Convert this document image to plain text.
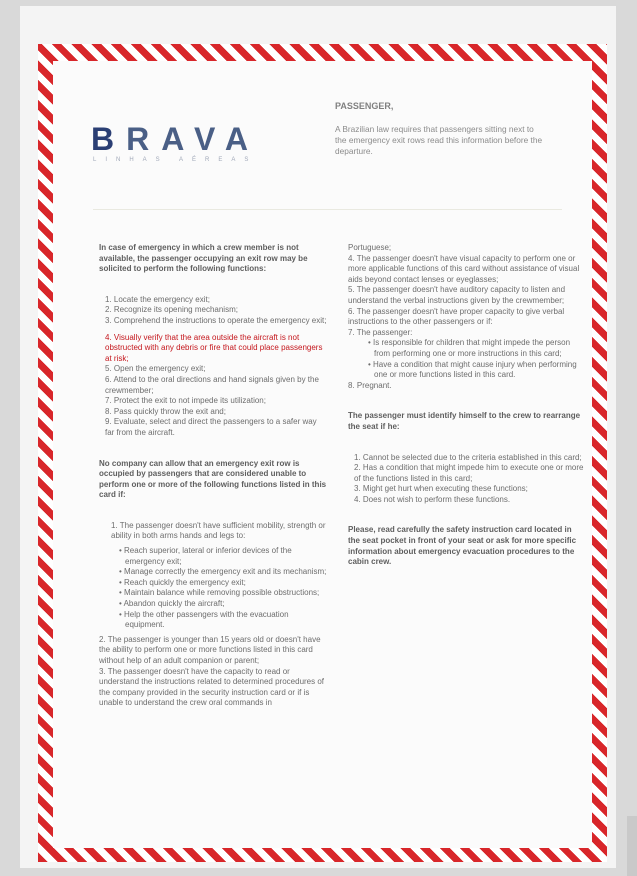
BRAVA
LINHAS AÉREAS
PASSENGER,

A Brazilian law requires that passengers sitting next to the emergency exit rows read this information before the departure.

In case of emergency in which a crew member is not available, the passenger occupying an exit row may be solicited to perform the following functions:

1. Locate the emergency exit;

2. Recognize its opening mechanism;

3. Comprehend the instructions to operate the emergency exit;

4. Visually verify that the area outside the aircraft is not obstructed with any debris or fire that could place passengers at risk;

5. Open the emergency exit;

6. Attend to the oral directions and hand signals given by the crewmember;

7. Protect the exit to not impede its utilization;

8. Pass quickly throw the exit and;

9. Evaluate, select and direct the passengers to a safer way far from the aircraft.

No company can allow that an emergency exit row is occupied by passengers that are considered unable to perform one or more of the following functions listed in this card if:

1. The passenger doesn't have sufficient mobility, strength or ability in both arms hands and legs to:

• Reach superior, lateral or inferior devices of the emergency exit;

• Manage correctly the emergency exit and its mechanism;

• Reach quickly the emergency exit;

• Maintain balance while removing possible obstructions;

• Abandon quickly the aircraft;

• Help the other passengers with the evacuation equipment.

2. The passenger is younger than 15 years old or doesn't have the ability to perform one or more functions listed in this card without help of an adult companion or parent;

3. The passenger doesn't have the capacity to read or understand the instructions related to determined procedures of the company provided in the security instruction card or if is unable to understand the crew oral commands in

Portuguese;

4. The passenger doesn't have visual capacity to perform one or more applicable functions of this card without assistance of visual aids beyond contact lenses or eyeglasses;

5. The passenger doesn't have auditory capacity to listen and understand the verbal instructions given by the crewmember;

6. The passenger doesn't have proper capacity to give verbal instructions to the other passengers or if:

7. The passenger:

• Is responsible for children that might impede the person from performing one or more instructions in this card;

• Have a condition that might cause injury when performing one or more functions listed in this card.

8. Pregnant.

The passenger must identify himself to the crew to rearrange the seat if he:

1. Cannot be selected due to the criteria established in this card;

2. Has a condition that might impede him to execute one or more of the functions listed in this card;

3. Might get hurt when executing these functions;

4. Does not wish to perform these functions.

Please, read carefully the safety instruction card located in the seat pocket in front of your seat or ask for more specific information about emergency evacuation procedures to the cabin crew.
